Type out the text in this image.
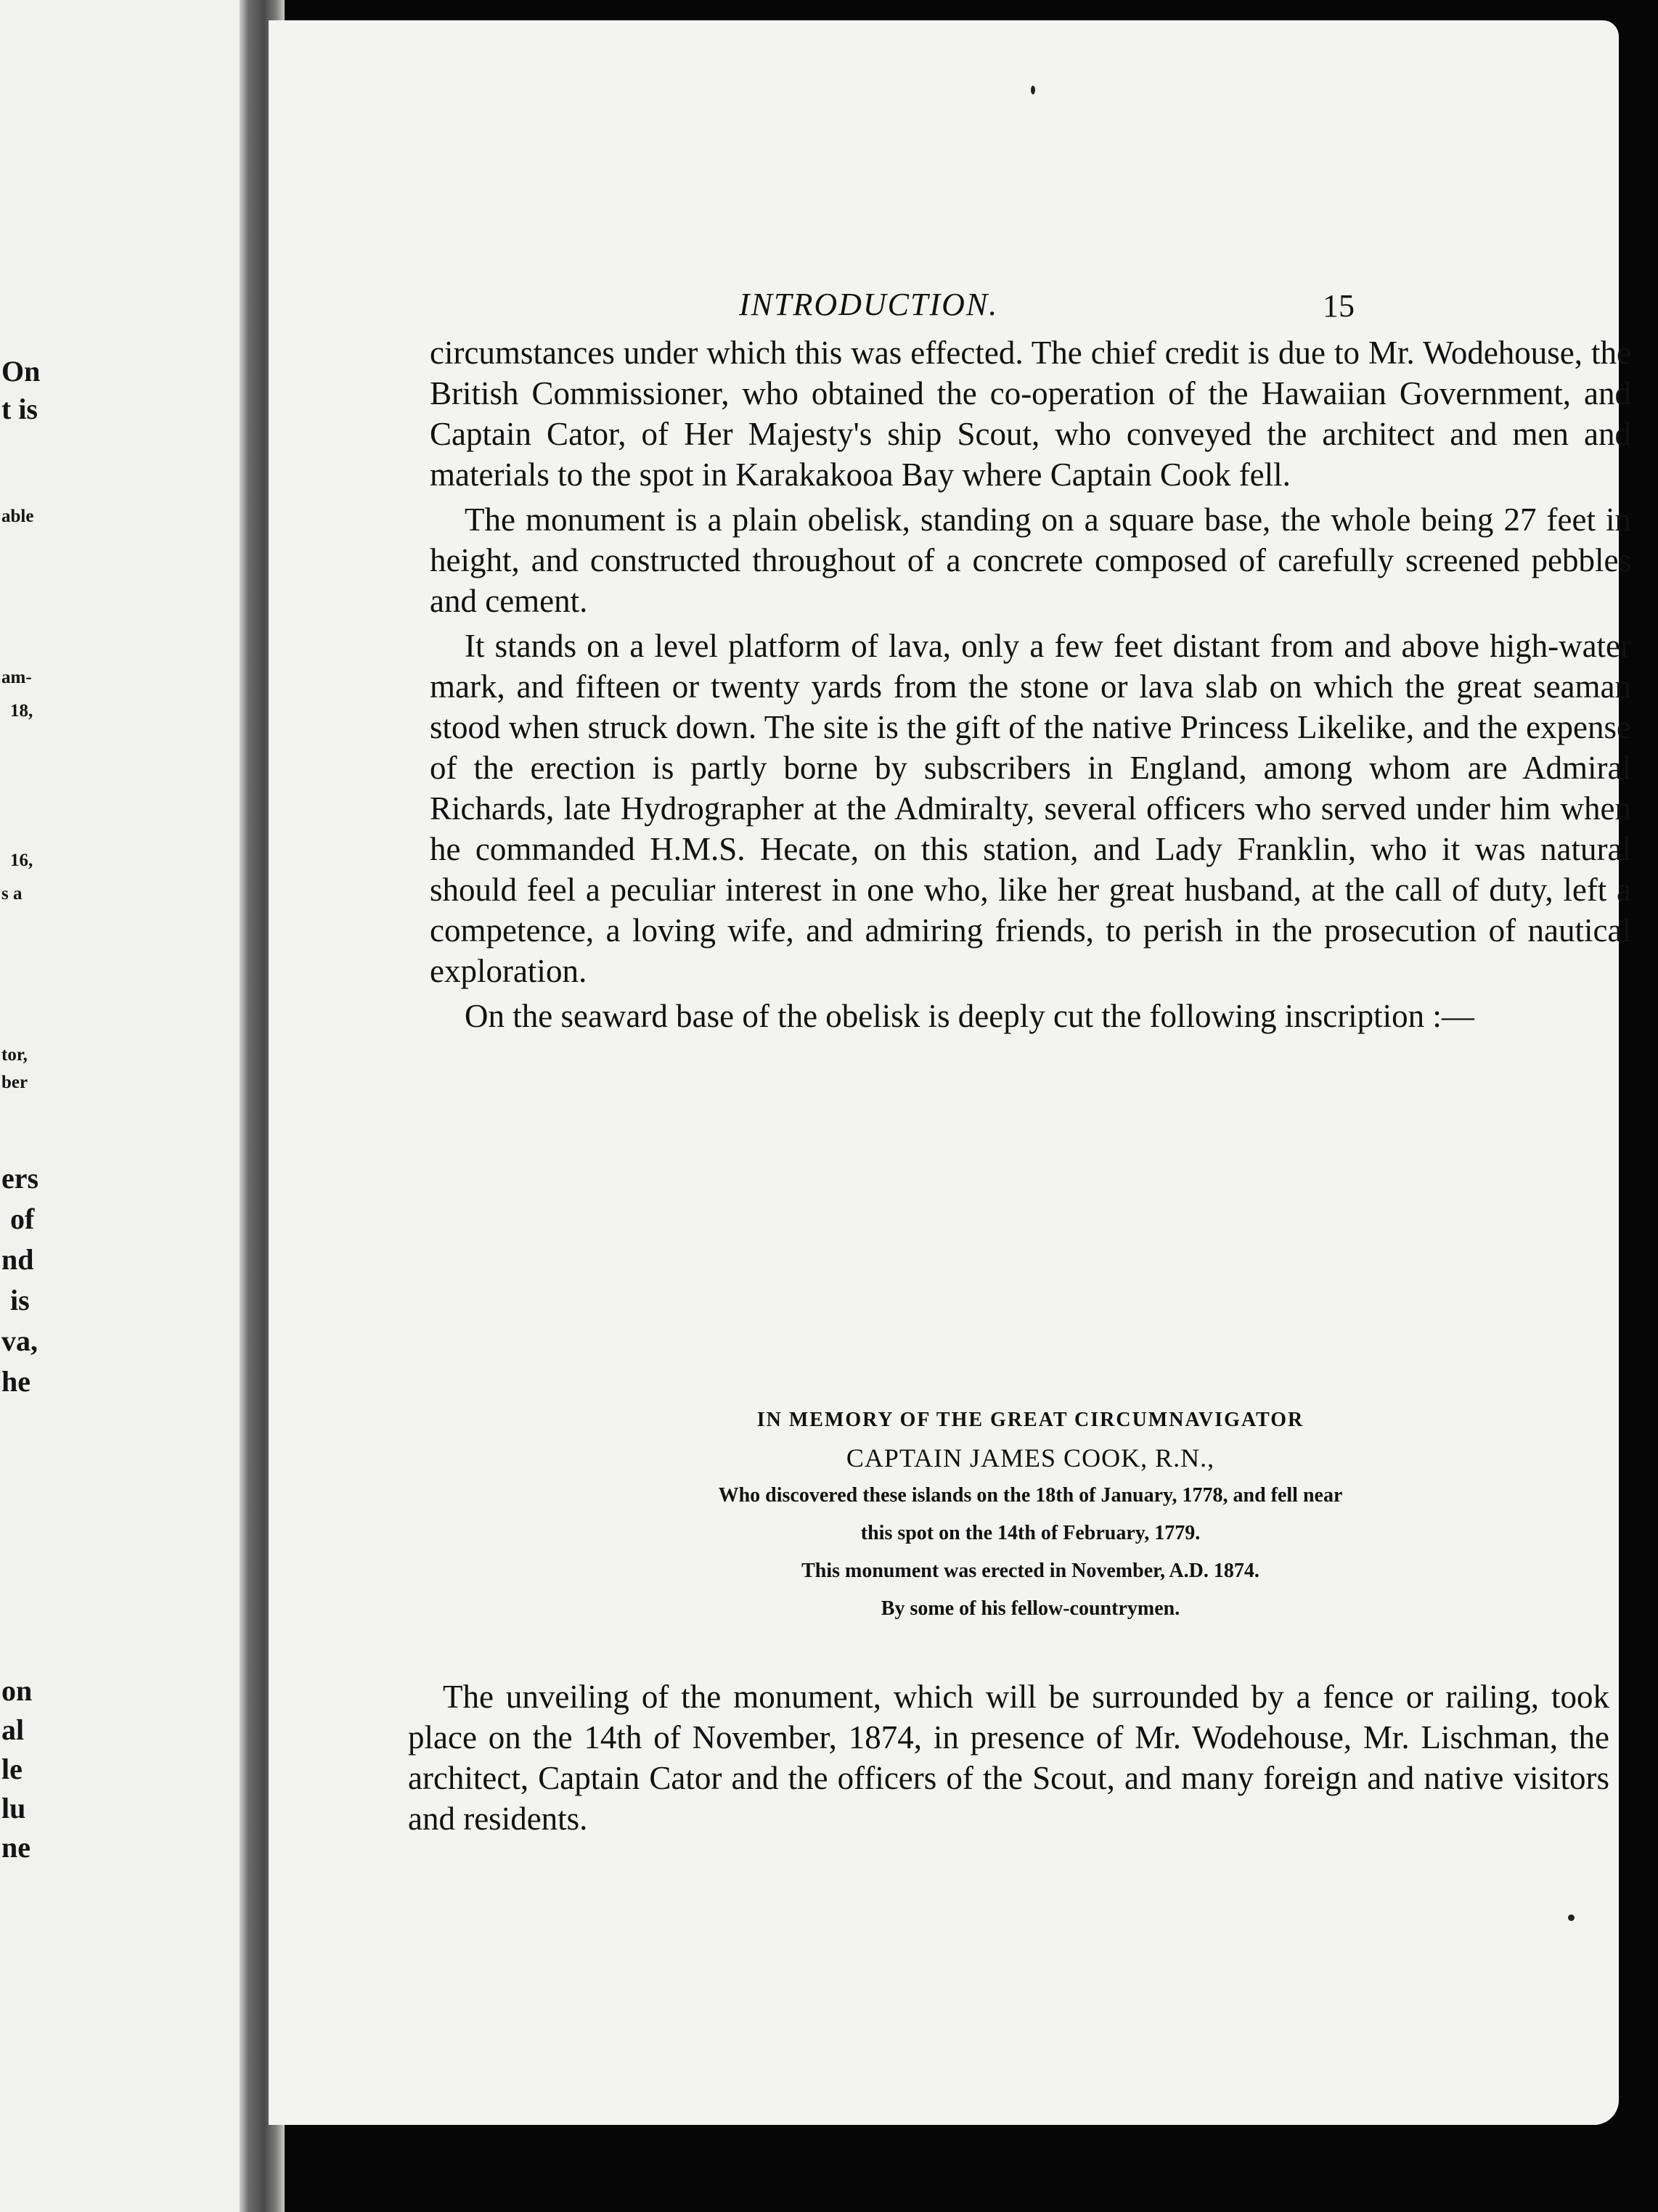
On
t is
able
am-
18,
16,
s a
tor,
ber
ers
of
nd
is
va,
he
on
al
le
lu
ne
INTRODUCTION.	15

circumstances under which this was effected. The chief credit is due to Mr. Wodehouse, the British Commissioner, who obtained the co-operation of the Hawaiian Government, and Captain Cator, of Her Majesty's ship Scout, who conveyed the architect and men and materials to the spot in Karakakooa Bay where Captain Cook fell.

The monument is a plain obelisk, standing on a square base, the whole being 27 feet in height, and constructed throughout of a concrete composed of carefully screened pebbles and cement.

It stands on a level platform of lava, only a few feet distant from and above high-water mark, and fifteen or twenty yards from the stone or lava slab on which the great seaman stood when struck down. The site is the gift of the native Princess Likelike, and the expense of the erection is partly borne by subscribers in England, among whom are Admiral Richards, late Hydrographer at the Admiralty, several officers who served under him when he commanded H.M.S. Hecate, on this station, and Lady Franklin, who it was natural should feel a peculiar interest in one who, like her great husband, at the call of duty, left a competence, a loving wife, and admiring friends, to perish in the prosecution of nautical exploration.

On the seaward base of the obelisk is deeply cut the following inscription :—

IN MEMORY OF THE GREAT CIRCUMNAVIGATOR
CAPTAIN JAMES COOK, R.N.,
Who discovered these islands on the 18th of January, 1778, and fell near
this spot on the 14th of February, 1779.
This monument was erected in November, A.D. 1874.
By some of his fellow-countrymen.

The unveiling of the monument, which will be surrounded by a fence or railing, took place on the 14th of November, 1874, in presence of Mr. Wodehouse, Mr. Lischman, the architect, Captain Cator and the officers of the Scout, and many foreign and native visitors and residents.
